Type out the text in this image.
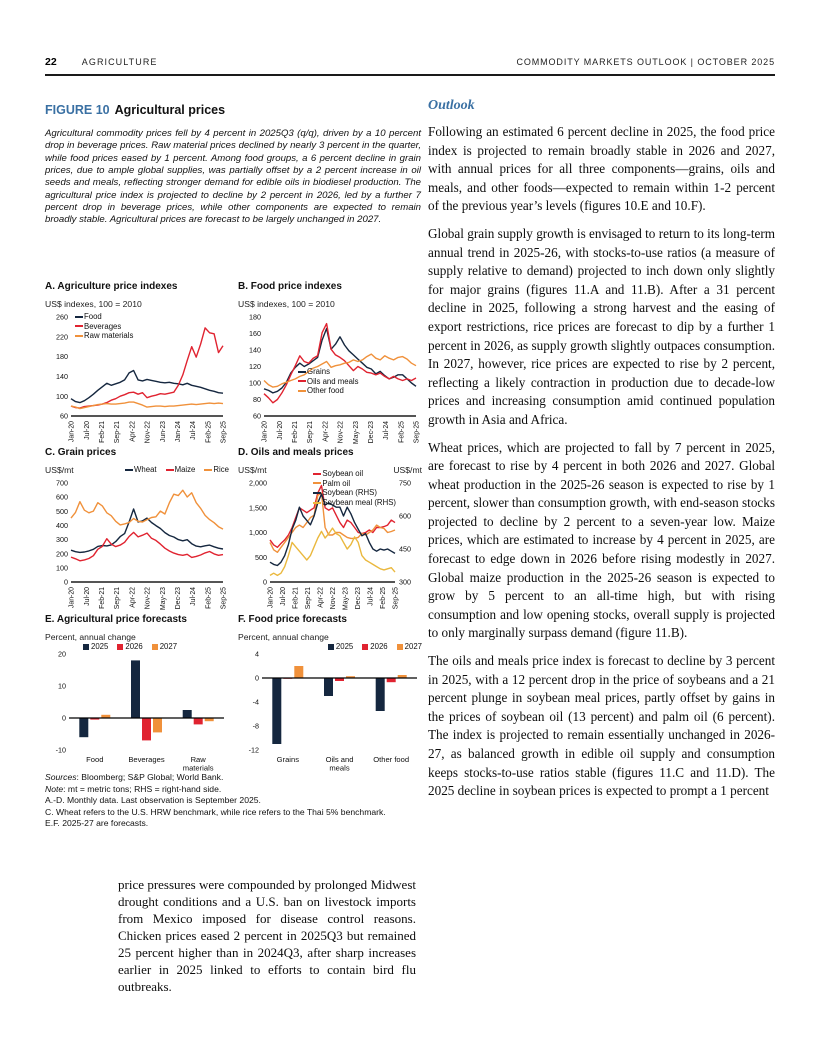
22	AGRICULTURE	COMMODITY MARKETS OUTLOOK | OCTOBER 2025
FIGURE 10 Agricultural prices
Agricultural commodity prices fell by 4 percent in 2025Q3 (q/q), driven by a 10 percent drop in beverage prices. Raw material prices declined by nearly 3 percent in the quarter, while food prices eased by 1 percent. Among food groups, a 6 percent decline in grain prices, due to ample global supplies, was partially offset by a 2 percent increase in oil seeds and meals, reflecting stronger demand for edible oils in biodiesel production. The agricultural price index is projected to decline by 2 percent in 2026, led by a further 7 percent drop in beverage prices, while other components are expected to remain broadly stable. Agricultural prices are forecast to be largely unchanged in 2027.
A. Agriculture price indexes
US$ indexes, 100 = 2010
60
100
140
180
220
260
Jan-20 Jul-20 Feb-21 Sep-21 Apr-22 Nov-22 Jun-23 Jan-24 Jul-24 Feb-25 Sep-25
Food
Beverages
Raw materials
B. Food price indexes
US$ indexes, 100 = 2010
60
80
100
120
140
160
180
Jan-20 Jul-20 Feb-21 Sep-21 Apr-22 Nov-22 May-23 Dec-23 Jul-24 Feb-25 Sep-25
Grains
Oils and meals
Other food
C. Grain prices
US$/mt	Wheat Maize Rice
0
100
200
300
400
500
600
700
Jan-20 Jul-20 Feb-21 Sep-21 Apr-22 Nov-22 May-23 Dec-23 Jul-24 Feb-25 Sep-25
D. Oils and meals prices
US$/mt	US$/mt
0
500
1,000
1,500
2,000
300
450
600
750
Jan-20 Jul-20 Feb-21 Sep-21 Apr-22 Nov-22 May-23 Dec-23 Jul-24 Feb-25 Sep-25
Soybean oil
Palm oil
Soybean (RHS)
Soybean meal (RHS)
E. Agricultural price forecasts
Percent, annual change
-10
0
10
20
Food	Beverages	Raw materials
2025 2026 2027
F. Food price forecasts
Percent, annual change
-12
-8
-4
0
4
Grains	Oils and meals
Other food
2025 2026 2027
Sources: Bloomberg; S&P Global; World Bank.
Note: mt = metric tons; RHS = right-hand side.
A.-D. Monthly data. Last observation is September 2025.
C. Wheat refers to the U.S. HRW benchmark, while rice refers to the Thai 5% benchmark.
E.F. 2025-27 are forecasts.
price pressures were compounded by prolonged Midwest drought conditions and a U.S. ban on livestock imports from Mexico imposed for disease control reasons. Chicken prices eased 2 percent in 2025Q3 but remained 25 percent higher than in 2024Q3, after sharp increases earlier in 2025 linked to efforts to contain bird flu outbreaks.
Outlook

Following an estimated 6 percent decline in 2025, the food price index is projected to remain broadly stable in 2026 and 2027, with annual prices for all three components—grains, oils and meals, and other foods—expected to remain within 1-2 percent of the previous year’s levels (figures 10.E and 10.F).

Global grain supply growth is envisaged to return to its long-term annual trend in 2025-26, with stocks-to-use ratios (a measure of supply relative to demand) projected to inch down only slightly for major grains (figures 11.A and 11.B). After a 31 percent decline in 2025, following a strong harvest and the easing of export restrictions, rice prices are forecast to dip by a further 1 percent in 2026, as supply growth slightly outpaces consumption. In 2027, however, rice prices are expected to rise by 2 percent, reflecting a likely contraction in production due to decade-low prices and increasing consumption amid continued population growth in Asia and Africa.

Wheat prices, which are projected to fall by 7 percent in 2025, are forecast to rise by 4 percent in both 2026 and 2027. Global wheat production in the 2025-26 season is expected to rise by 1 percent, slower than consumption growth, with end-season stocks projected to decline by 2 percent to a seven-year low. Maize prices, which are estimated to increase by 4 percent in 2025, are forecast to edge down in 2026 before rising modestly in 2027. Global maize production in the 2025-26 season is expected to grow by 5 percent to an all-time high, but with rising consumption and low opening stocks, overall supply is projected to only marginally surpass demand (figure 11.B).

The oils and meals price index is forecast to decline by 3 percent in 2025, with a 12 percent drop in the price of soybeans and a 21 percent plunge in soybean meal prices, partly offset by gains in the prices of soybean oil (13 percent) and palm oil (6 percent). The index is projected to remain essentially unchanged in 2026-27, as balanced growth in edible oil supply and consumption keeps stocks-to-use ratios stable (figures 11.C and 11.D). The 2025 decline in soybean prices is expected to prompt a 1 percent
